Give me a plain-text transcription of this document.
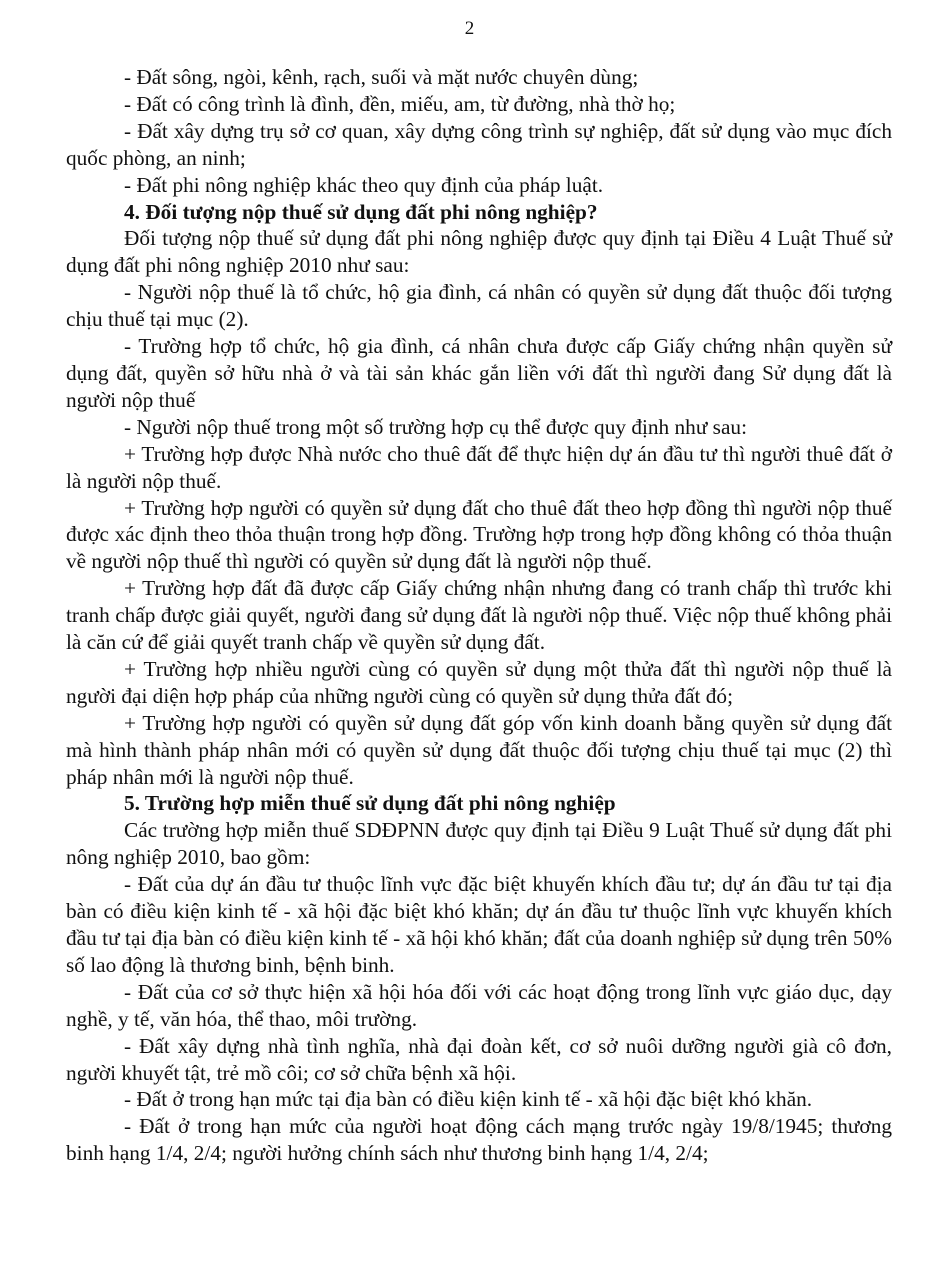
2

- Đất sông, ngòi, kênh, rạch, suối và mặt nước chuyên dùng;

- Đất có công trình là đình, đền, miếu, am, từ đường, nhà thờ họ;

- Đất xây dựng trụ sở cơ quan, xây dựng công trình sự nghiệp, đất sử dụng vào mục đích quốc phòng, an ninh;

- Đất phi nông nghiệp khác theo quy định của pháp luật.

4. Đối tượng nộp thuế sử dụng đất phi nông nghiệp?

Đối tượng nộp thuế sử dụng đất phi nông nghiệp được quy định tại Điều 4 Luật Thuế sử dụng đất phi nông nghiệp 2010 như sau:

- Người nộp thuế là tổ chức, hộ gia đình, cá nhân có quyền sử dụng đất thuộc đối tượng chịu thuế tại mục (2).

- Trường hợp tổ chức, hộ gia đình, cá nhân chưa được cấp Giấy chứng nhận quyền sử dụng đất, quyền sở hữu nhà ở và tài sản khác gắn liền với đất thì người đang Sử dụng đất là người nộp thuế

- Người nộp thuế trong một số trường hợp cụ thể được quy định như sau:

+ Trường hợp được Nhà nước cho thuê đất để thực hiện dự án đầu tư thì người thuê đất ở là người nộp thuế.

+ Trường hợp người có quyền sử dụng đất cho thuê đất theo hợp đồng thì người nộp thuế được xác định theo thỏa thuận trong hợp đồng. Trường hợp trong hợp đồng không có thỏa thuận về người nộp thuế thì người có quyền sử dụng đất là người nộp thuế.

+ Trường hợp đất đã được cấp Giấy chứng nhận nhưng đang có tranh chấp thì trước khi tranh chấp được giải quyết, người đang sử dụng đất là người nộp thuế. Việc nộp thuế không phải là căn cứ để giải quyết tranh chấp về quyền sử dụng đất.

+ Trường hợp nhiều người cùng có quyền sử dụng một thửa đất thì người nộp thuế là người đại diện hợp pháp của những người cùng có quyền sử dụng thửa đất đó;

+ Trường hợp người có quyền sử dụng đất góp vốn kinh doanh bằng quyền sử dụng đất mà hình thành pháp nhân mới có quyền sử dụng đất thuộc đối tượng chịu thuế tại mục (2) thì pháp nhân mới là người nộp thuế.

5. Trường hợp miễn thuế sử dụng đất phi nông nghiệp

Các trường hợp miễn thuế SDĐPNN được quy định tại Điều 9 Luật Thuế sử dụng đất phi nông nghiệp 2010, bao gồm:

- Đất của dự án đầu tư thuộc lĩnh vực đặc biệt khuyến khích đầu tư; dự án đầu tư tại địa bàn có điều kiện kinh tế - xã hội đặc biệt khó khăn; dự án đầu tư thuộc lĩnh vực khuyến khích đầu tư tại địa bàn có điều kiện kinh tế - xã hội khó khăn; đất của doanh nghiệp sử dụng trên 50% số lao động là thương binh, bệnh binh.

- Đất của cơ sở thực hiện xã hội hóa đối với các hoạt động trong lĩnh vực giáo dục, dạy nghề, y tế, văn hóa, thể thao, môi trường.

- Đất xây dựng nhà tình nghĩa, nhà đại đoàn kết, cơ sở nuôi dưỡng người già cô đơn, người khuyết tật, trẻ mồ côi; cơ sở chữa bệnh xã hội.

- Đất ở trong hạn mức tại địa bàn có điều kiện kinh tế - xã hội đặc biệt khó khăn.

- Đất ở trong hạn mức của người hoạt động cách mạng trước ngày 19/8/1945; thương binh hạng 1/4, 2/4; người hưởng chính sách như thương binh hạng 1/4, 2/4;
